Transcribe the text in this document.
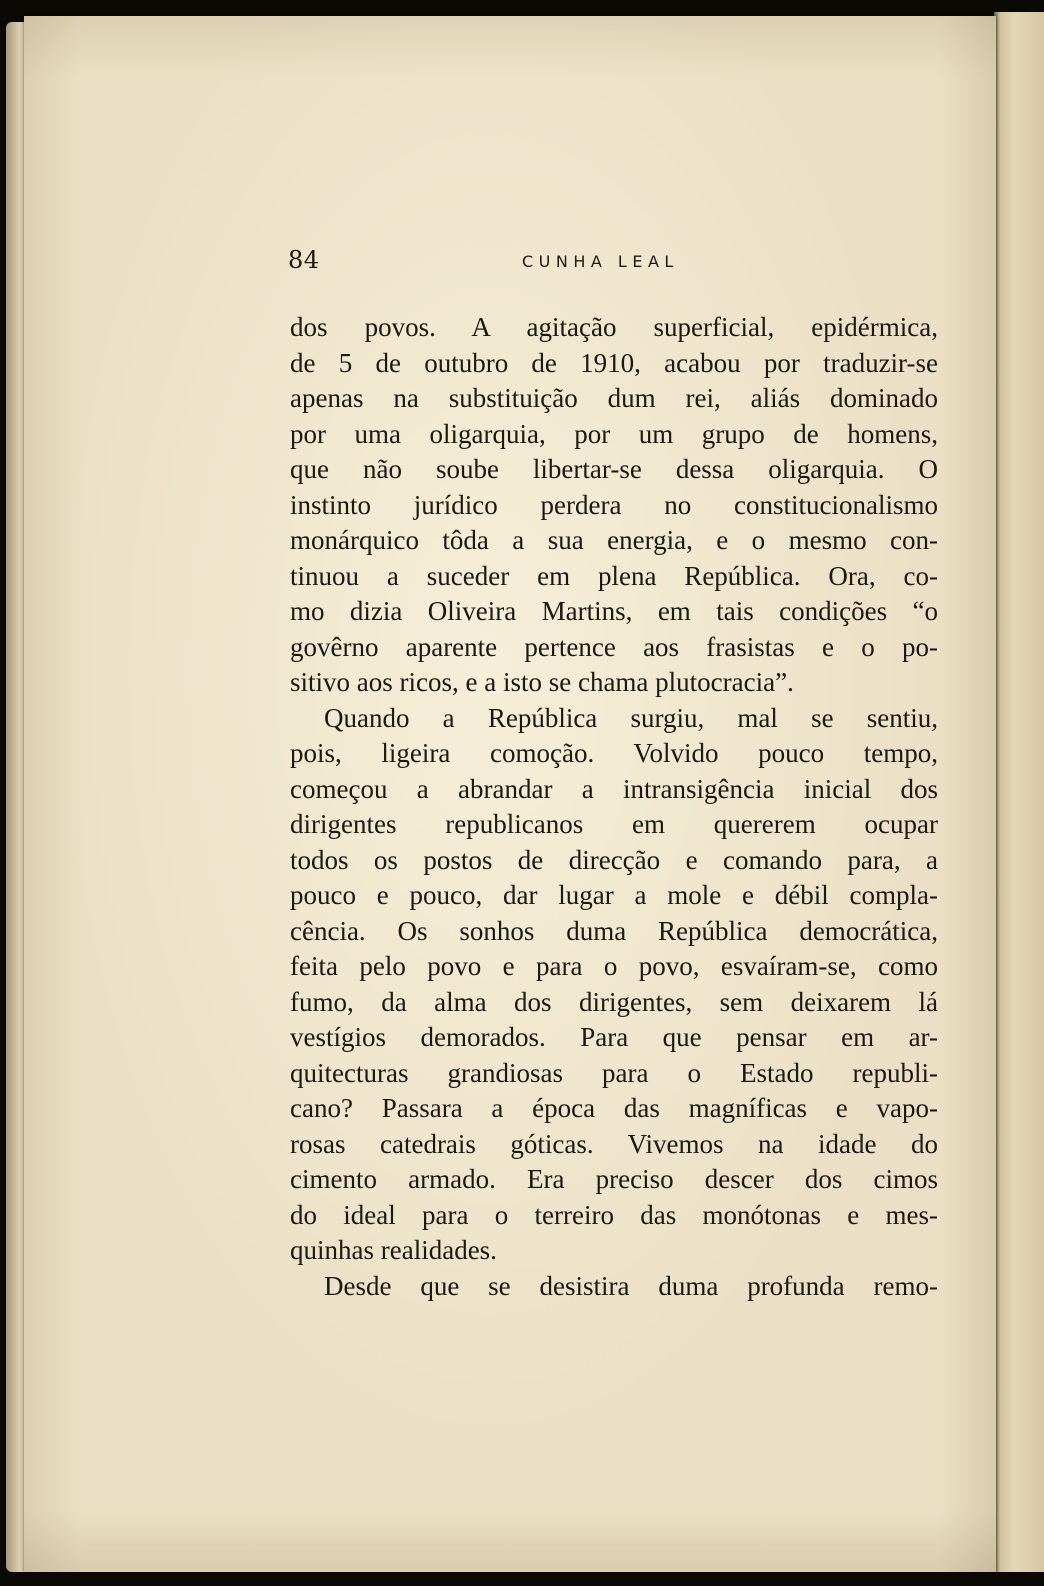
84	CUNHA LEAL
dos povos. A agitação superficial, epidérmica,
de 5 de outubro de 1910, acabou por traduzir-se
apenas na substituição dum rei, aliás dominado
por uma oligarquia, por um grupo de homens,
que não soube libertar-se dessa oligarquia. O
instinto jurídico perdera no constitucionalismo
monárquico tôda a sua energia, e o mesmo con-
tinuou a suceder em plena República. Ora, co-
mo dizia Oliveira Martins, em tais condições “o
govêrno aparente pertence aos frasistas e o po-
sitivo aos ricos, e a isto se chama plutocracia”.
Quando a República surgiu, mal se sentiu,
pois, ligeira comoção. Volvido pouco tempo,
começou a abrandar a intransigência inicial dos
dirigentes republicanos em quererem ocupar
todos os postos de direcção e comando para, a
pouco e pouco, dar lugar a mole e débil compla-
cência. Os sonhos duma República democrática,
feita pelo povo e para o povo, esvaíram-se, como
fumo, da alma dos dirigentes, sem deixarem lá
vestígios demorados. Para que pensar em ar-
quitecturas grandiosas para o Estado republi-
cano? Passara a época das magníficas e vapo-
rosas catedrais góticas. Vivemos na idade do
cimento armado. Era preciso descer dos cimos
do ideal para o terreiro das monótonas e mes-
quinhas realidades.
Desde que se desistira duma profunda remo-
